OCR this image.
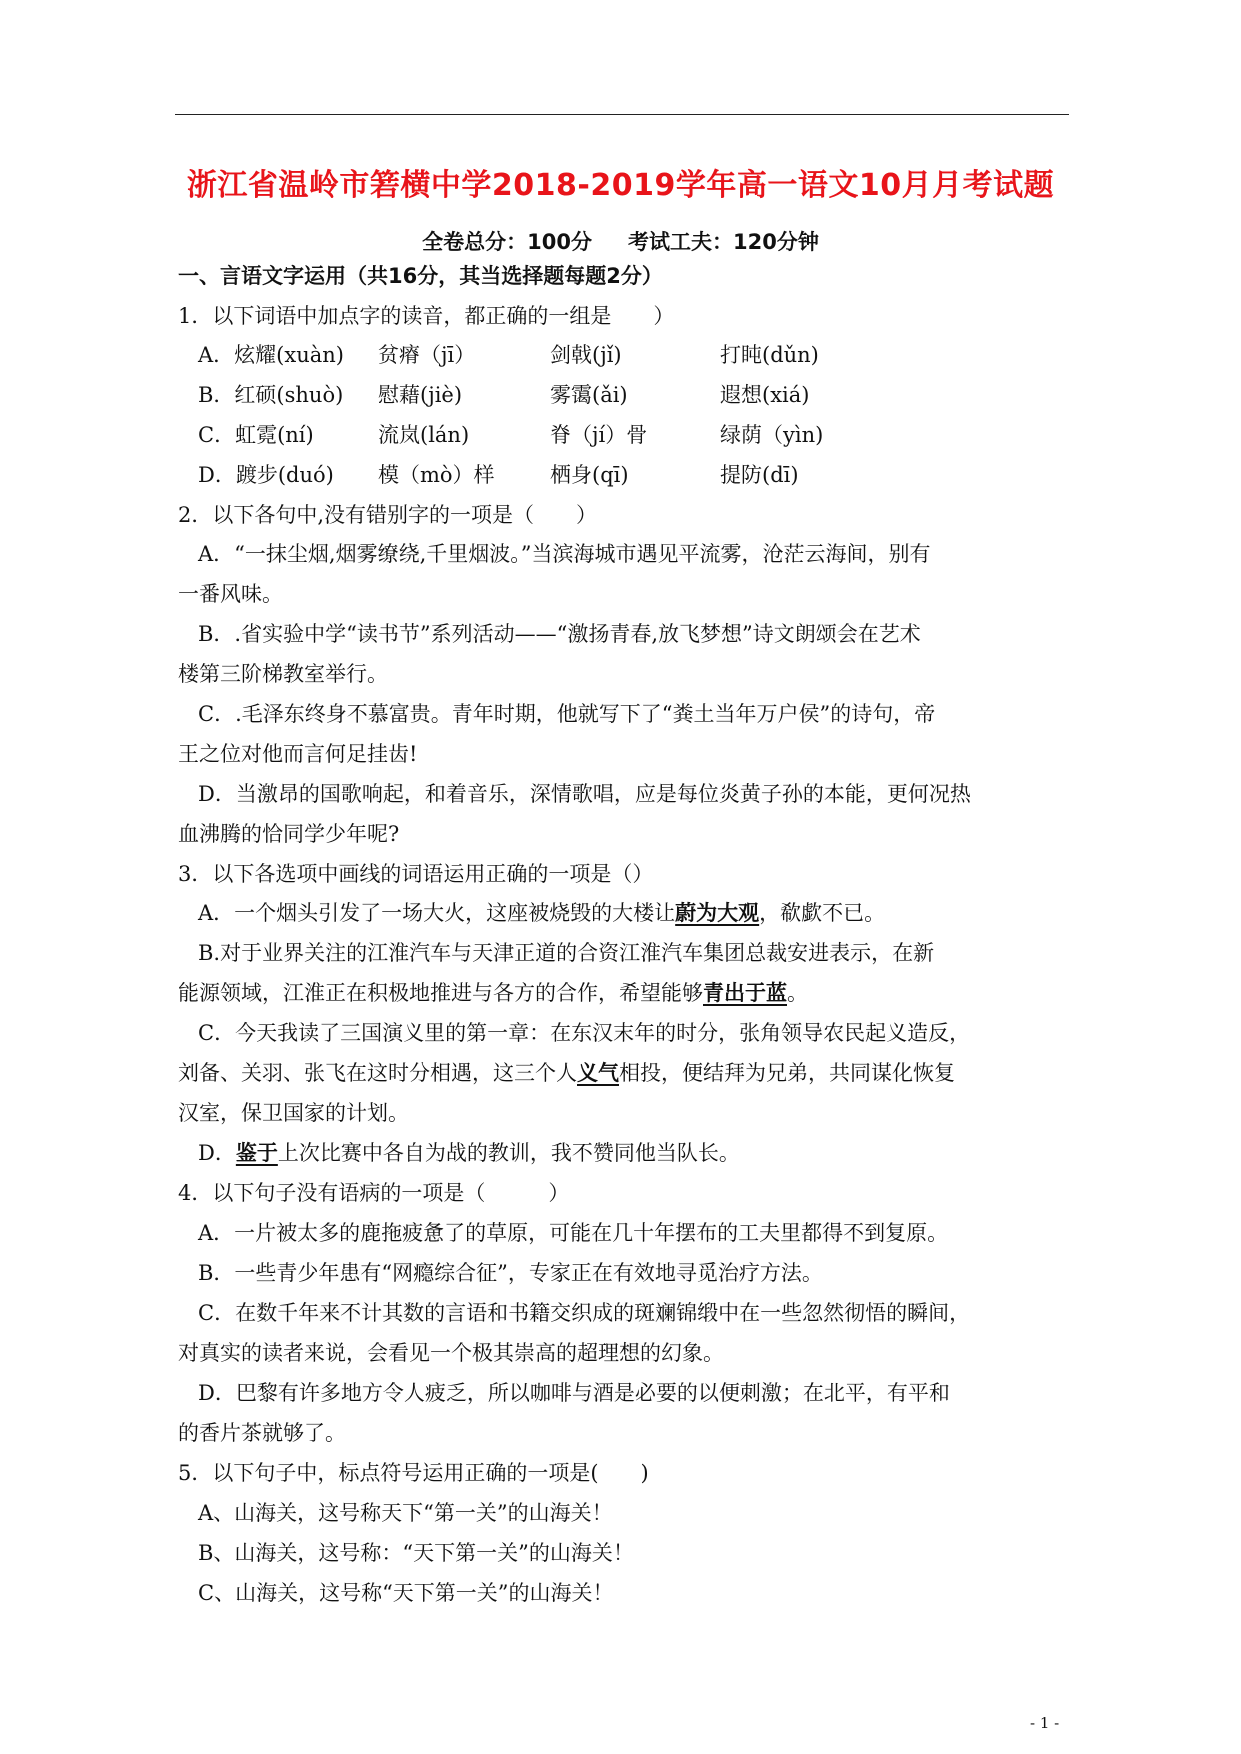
浙江省温岭市箬横中学2018-2019学年高一语文10月月考试题
全卷总分：100分 考试工夫：120分钟
一、言语文字运用（共16分，其当选择题每题2分）
1．以下词语中加点字的读音，都正确的一组是　　）
A．炫耀(xuàn) 贫瘠（jī）	剑戟(jǐ)	打盹(dǔn)
B．红硕(shuò) 慰藉(jiè)	雾霭(ǎi)	遐想(xiá)
C．虹霓(ní)	流岚(lán)	脊（jí）骨	绿荫（yìn)
D．踱步(duó) 模（mò）样	栖身(qī)	提防(dī)
2．以下各句中,没有错别字的一项是（　　）
A．“一抹尘烟,烟雾缭绕,千里烟波。”当滨海城市遇见平流雾，沧茫云海间，别有
一番风味。
B．.省实验中学“读书节”系列活动——“激扬青春,放飞梦想”诗文朗颂会在艺术
楼第三阶梯教室举行。
C．.毛泽东终身不慕富贵。青年时期，他就写下了“粪土当年万户侯”的诗句，帝
王之位对他而言何足挂齿!
D．当激昂的国歌响起，和着音乐，深情歌唱，应是每位炎黄子孙的本能，更何况热
血沸腾的恰同学少年呢?
3．以下各选项中画线的词语运用正确的一项是（）
A．一个烟头引发了一场大火，这座被烧毁的大楼让蔚为大观，欷歔不已。
B.对于业界关注的江淮汽车与天津正道的合资江淮汽车集团总裁安进表示，在新
能源领域，江淮正在积极地推进与各方的合作，希望能够青出于蓝。
C．今天我读了三国演义里的第一章：在东汉末年的时分，张角领导农民起义造反，
刘备、关羽、张飞在这时分相遇，这三个人义气相投，便结拜为兄弟，共同谋化恢复
汉室，保卫国家的计划。
D．鉴于上次比赛中各自为战的教训，我不赞同他当队长。
4．以下句子没有语病的一项是（　　　）
A．一片被太多的鹿拖疲惫了的草原，可能在几十年摆布的工夫里都得不到复原。
B．一些青少年患有“网瘾综合征”，专家正在有效地寻觅治疗方法。
C．在数千年来不计其数的言语和书籍交织成的斑斓锦缎中在一些忽然彻悟的瞬间，
对真实的读者来说，会看见一个极其崇高的超理想的幻象。
D．巴黎有许多地方令人疲乏，所以咖啡与酒是必要的以便刺激；在北平，有平和
的香片茶就够了。
5．以下句子中，标点符号运用正确的一项是(　　)
A、山海关，这号称天下“第一关”的山海关！
B、山海关，这号称：“天下第一关”的山海关！
C、山海关，这号称“天下第一关”的山海关！
- 1 -
